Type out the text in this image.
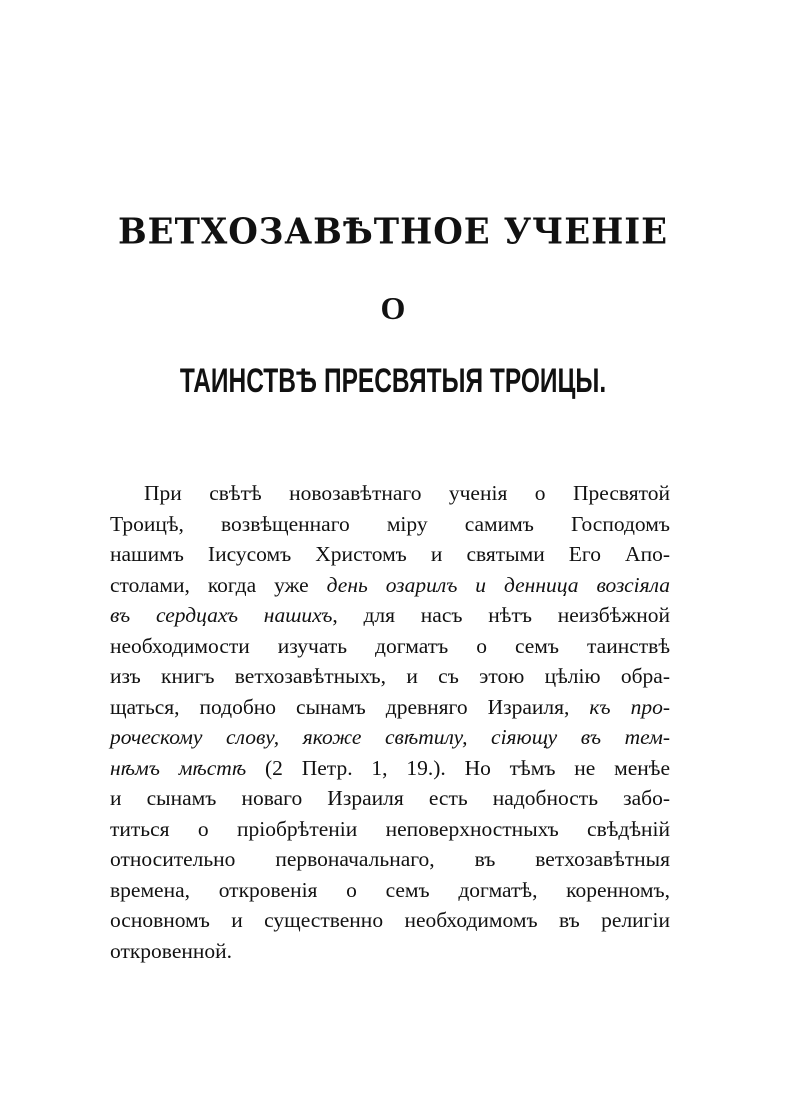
ВЕТХОЗАВѢТНОЕ УЧЕНІЕ
О
ТАИНСТВѢ ПРЕСВЯТЫЯ ТРОИЦЫ.
При свѣтѣ новозавѣтнаго ученія о Пресвятой
Троицѣ, возвѣщеннаго міру самимъ Господомъ
нашимъ Іисусомъ Христомъ и святыми Его Апо-
столами, когда уже день озарилъ и денница возсіяла
въ сердцахъ нашихъ, для насъ нѣтъ неизбѣжной
необходимости изучать догматъ о семъ таинствѣ
изъ книгъ ветхозавѣтныхъ, и съ этою цѣлію обра-
щаться, подобно сынамъ древняго Израиля, къ про-
роческому слову, якоже свѣтилу, сіяющу въ тем-
нѣмъ мѣстѣ (2 Петр. 1, 19.). Но тѣмъ не менѣе
и сынамъ новаго Израиля есть надобность забо-
титься о пріобрѣтеніи неповерхностныхъ свѣдѣній
относительно первоначальнаго, въ ветхозавѣтныя
времена, откровенія о семъ догматѣ, коренномъ,
основномъ и существенно необходимомъ въ религіи
откровенной.
